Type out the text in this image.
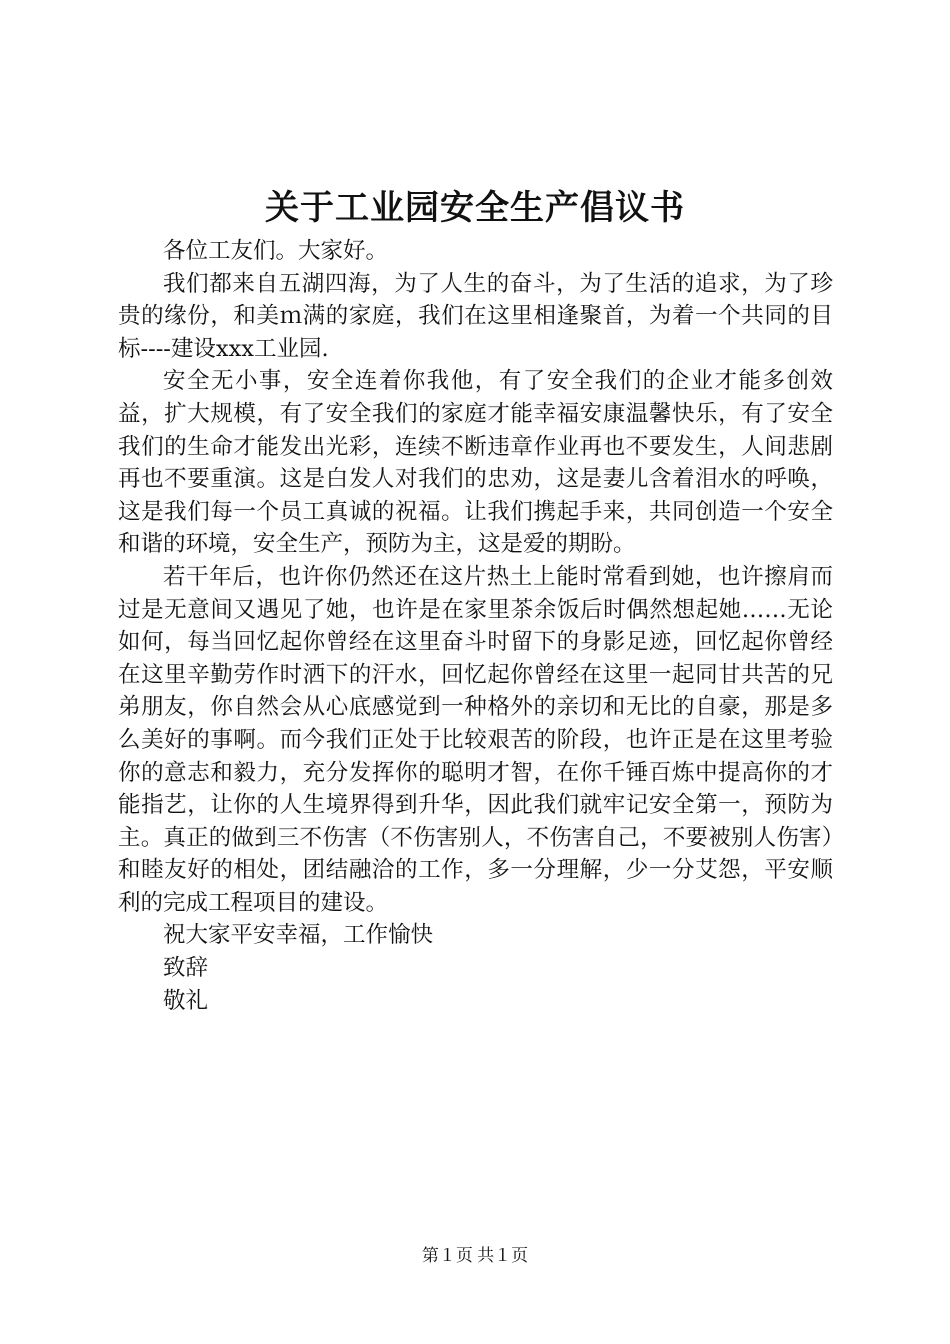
关于工业园安全生产倡议书

各位工友们。大家好。

我们都来自五湖四海，为了人生的奋斗，为了生活的追求，为了珍贵的缘份，和美ｍ满的家庭，我们在这里相逢聚首，为着一个共同的目标----建设xxx工业园.

安全无小事，安全连着你我他，有了安全我们的企业才能多创效益，扩大规模，有了安全我们的家庭才能幸福安康温馨快乐，有了安全我们的生命才能发出光彩，连续不断违章作业再也不要发生，人间悲剧再也不要重演。这是白发人对我们的忠劝，这是妻儿含着泪水的呼唤，这是我们每一个员工真诚的祝福。让我们携起手来，共同创造一个安全和谐的环境，安全生产，预防为主，这是爱的期盼。

若干年后，也许你仍然还在这片热土上能时常看到她，也许擦肩而过是无意间又遇见了她，也许是在家里茶余饭后时偶然想起她……无论如何，每当回忆起你曾经在这里奋斗时留下的身影足迹，回忆起你曾经在这里辛勤劳作时洒下的汗水，回忆起你曾经在这里一起同甘共苦的兄弟朋友，你自然会从心底感觉到一种格外的亲切和无比的自豪，那是多么美好的事啊。而今我们正处于比较艰苦的阶段，也许正是在这里考验你的意志和毅力，充分发挥你的聪明才智，在你千锤百炼中提高你的才能指艺，让你的人生境界得到升华，因此我们就牢记安全第一，预防为主。真正的做到三不伤害（不伤害别人，不伤害自己，不要被别人伤害）和睦友好的相处，团结融洽的工作，多一分理解，少一分艾怨，平安顺利的完成工程项目的建设。

祝大家平安幸福，工作愉快

致辞

敬礼

第１页 共１页
